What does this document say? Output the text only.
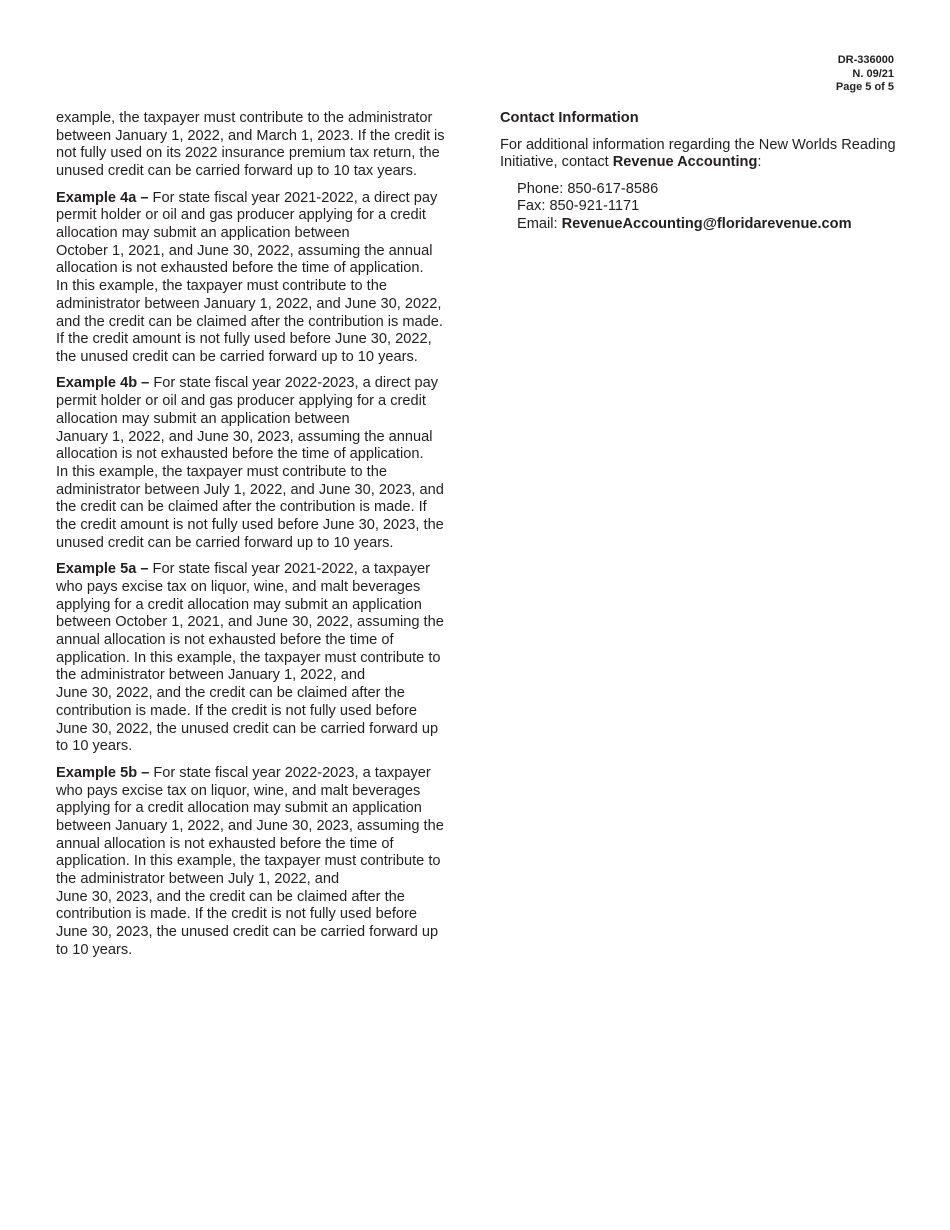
DR-336000
N. 09/21
Page 5 of 5

example, the taxpayer must contribute to the administrator between January 1, 2022, and March 1, 2023. If the credit is not fully used on its 2022 insurance premium tax return, the unused credit can be carried forward up to 10 tax years.

Example 4a – For state fiscal year 2021-2022, a direct pay permit holder or oil and gas producer applying for a credit allocation may submit an application between
October 1, 2021, and June 30, 2022, assuming the annual allocation is not exhausted before the time of application.
In this example, the taxpayer must contribute to the administrator between January 1, 2022, and June 30, 2022, and the credit can be claimed after the contribution is made. If the credit amount is not fully used before June 30, 2022, the unused credit can be carried forward up to 10 years.

Example 4b – For state fiscal year 2022-2023, a direct pay permit holder or oil and gas producer applying for a credit allocation may submit an application between
January 1, 2022, and June 30, 2023, assuming the annual allocation is not exhausted before the time of application.
In this example, the taxpayer must contribute to the administrator between July 1, 2022, and June 30, 2023, and the credit can be claimed after the contribution is made. If the credit amount is not fully used before June 30, 2023, the unused credit can be carried forward up to 10 years.

Example 5a – For state fiscal year 2021-2022, a taxpayer who pays excise tax on liquor, wine, and malt beverages applying for a credit allocation may submit an application between October 1, 2021, and June 30, 2022, assuming the annual allocation is not exhausted before the time of application. In this example, the taxpayer must contribute to the administrator between January 1, 2022, and
June 30, 2022, and the credit can be claimed after the contribution is made. If the credit is not fully used before June 30, 2022, the unused credit can be carried forward up to 10 years.

Example 5b – For state fiscal year 2022-2023, a taxpayer who pays excise tax on liquor, wine, and malt beverages applying for a credit allocation may submit an application between January 1, 2022, and June 30, 2023, assuming the annual allocation is not exhausted before the time of application. In this example, the taxpayer must contribute to the administrator between July 1, 2022, and
June 30, 2023, and the credit can be claimed after the contribution is made. If the credit is not fully used before June 30, 2023, the unused credit can be carried forward up to 10 years.

Contact Information

For additional information regarding the New Worlds Reading Initiative, contact Revenue Accounting:

Phone: 850-617-8586
Fax: 850-921-1171
Email: RevenueAccounting@floridarevenue.com
